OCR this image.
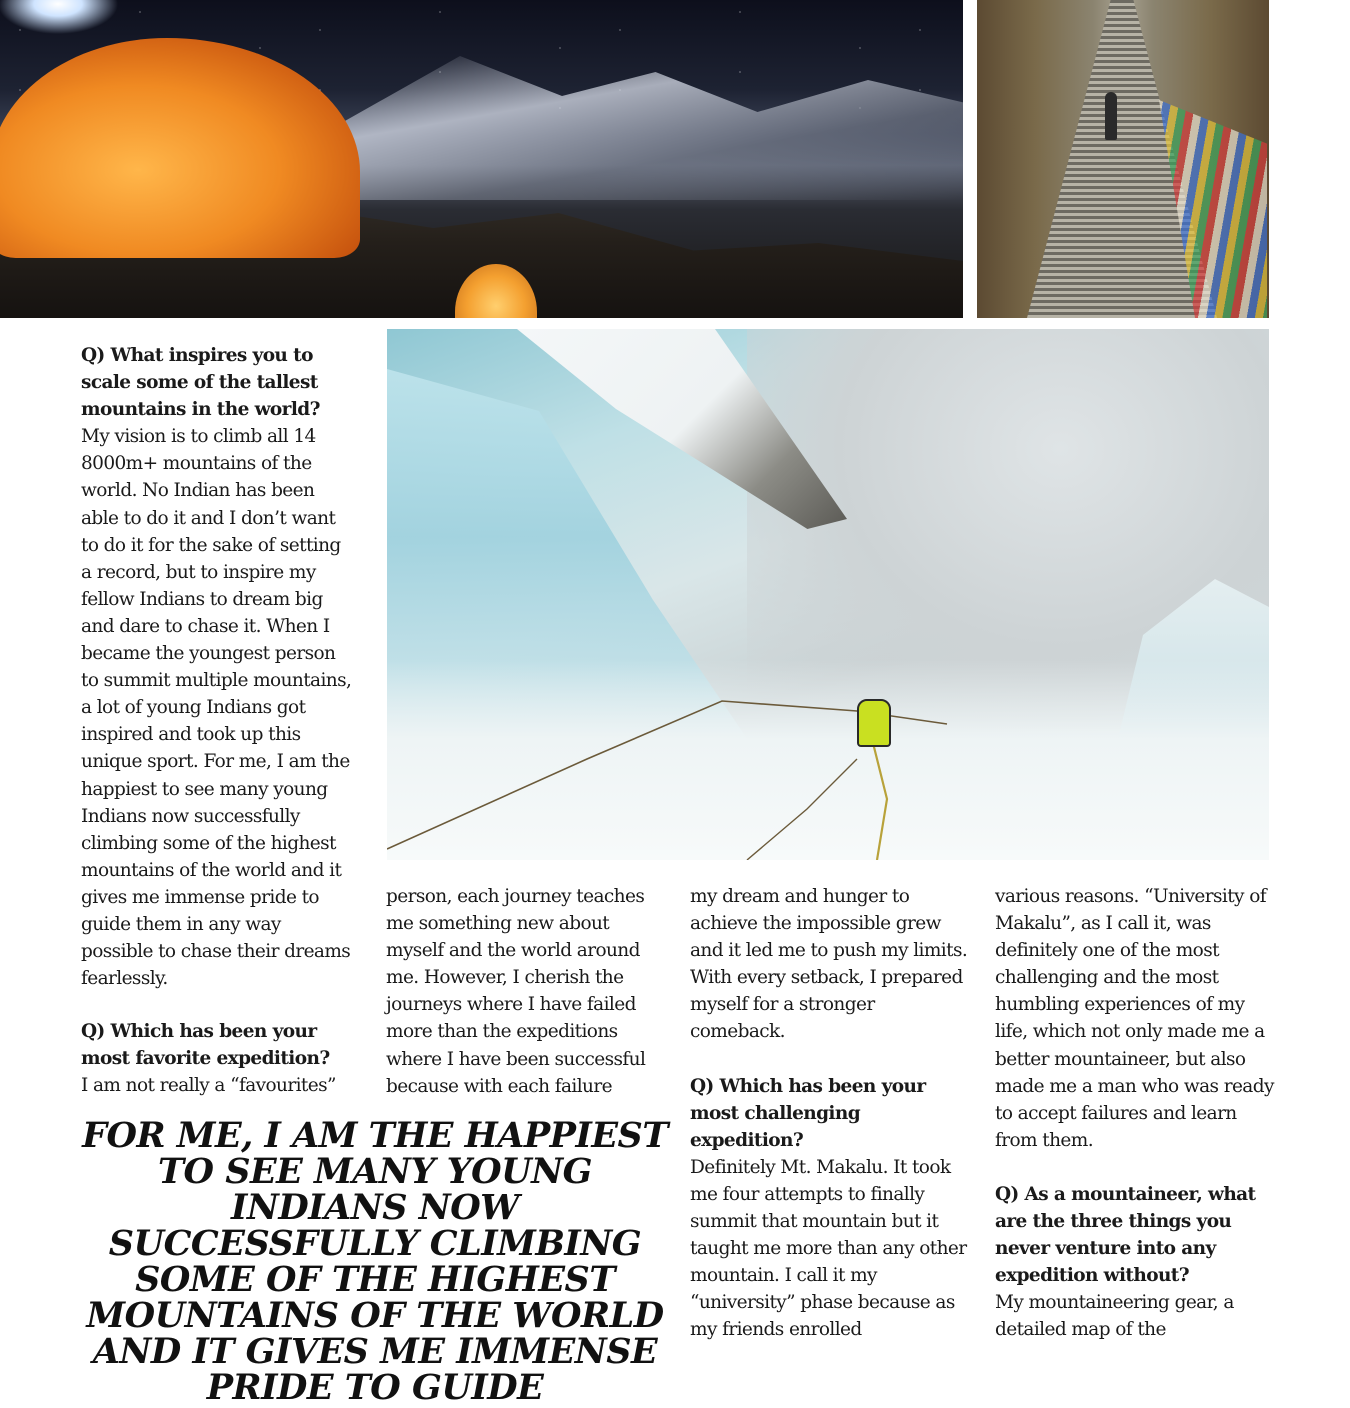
Q) What inspires you to scale some of the tallest mountains in the world?

My vision is to climb all 14 8000m+ mountains of the world. No Indian has been able to do it and I don’t want to do it for the sake of setting a record, but to inspire my fellow Indians to dream big and dare to chase it. When I became the youngest person to summit multiple mountains, a lot of young Indians got inspired and took up this unique sport. For me, I am the happiest to see many young Indians now successfully climbing some of the highest mountains of the world and it gives me immense pride to guide them in any way possible to chase their dreams fearlessly.

Q) Which has been your most favorite expedition?

I am not really a “favourites”

person, each journey teaches me something new about myself and the world around me. However, I cherish the journeys where I have failed more than the expeditions where I have been successful because with each failure

my dream and hunger to achieve the impossible grew and it led me to push my limits. With every setback, I prepared myself for a stronger comeback.

Q) Which has been your most challenging expedition?

Definitely Mt. Makalu. It took me four attempts to finally summit that mountain but it taught me more than any other mountain. I call it my “university” phase because as my friends enrolled

various reasons. “University of Makalu”, as I call it, was definitely one of the most challenging and the most humbling experiences of my life, which not only made me a better mountaineer, but also made me a man who was ready to accept failures and learn from them.

Q) As a mountaineer, what are the three things you never venture into any expedition without?

My mountaineering gear, a detailed map of the

FOR ME, I AM THE HAPPIEST TO SEE MANY YOUNG INDIANS NOW SUCCESSFULLY CLIMBING SOME OF THE HIGHEST MOUNTAINS OF THE WORLD AND IT GIVES ME IMMENSE PRIDE TO GUIDE
